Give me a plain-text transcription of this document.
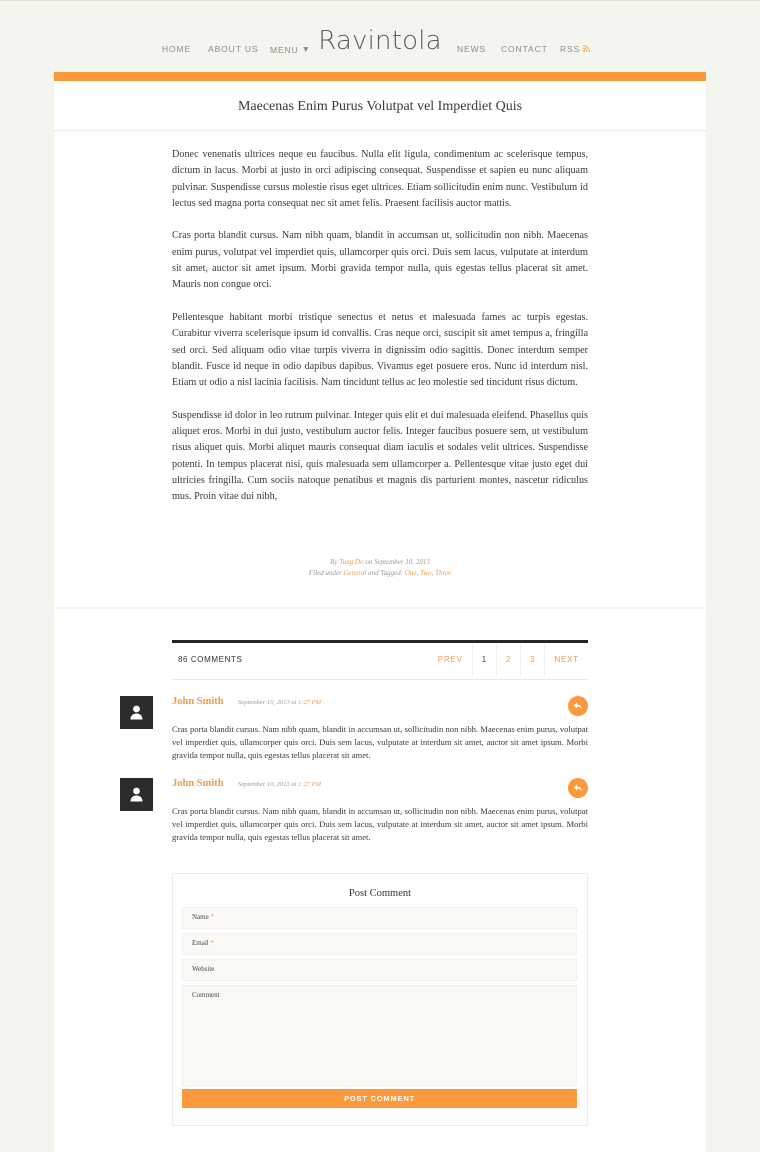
HOME ABOUT US MENU ▼	NEWS CONTACT RSS
Ravintola
Maecenas Enim Purus Volutpat vel Imperdiet Quis

Donec venenatis ultrices neque eu faucibus. Nulla elit ligula, condimentum ac scelerisque tempus, dictum in lacus. Morbi at justo in orci adipiscing consequat. Suspendisse et sapien eu nunc aliquam pulvinar. Suspendisse cursus molestie risus eget ultrices. Etiam sollicitudin enim nunc. Vestibulum id lectus sed magna porta consequat nec sit amet felis. Praesent facilisis auctor mattis.

Cras porta blandit cursus. Nam nibh quam, blandit in accumsan ut, sollicitudin non nibh. Maecenas enim purus, volutpat vel imperdiet quis, ullamcorper quis orci. Duis sem lacus, vulputate at interdum sit amet, auctor sit amet ipsum. Morbi gravida tempor nulla, quis egestas tellus placerat sit amet. Mauris non congue orci.

Pellentesque habitant morbi tristique senectus et netus et malesuada fames ac turpis egestas. Curabitur viverra scelerisque ipsum id convallis. Cras neque orci, suscipit sit amet tempus a, fringilla sed orci. Sed aliquam odio vitae turpis viverra in dignissim odio sagittis. Donec interdum semper blandit. Fusce id neque in odio dapibus dapibus. Vivamus eget posuere eros. Nunc id interdum nisl. Etiam ut odio a nisl lacinia facilisis. Nam tincidunt tellus ac leo molestie sed tincidunt risus dictum.

Suspendisse id dolor in leo rutrum pulvinar. Integer quis elit et dui malesuada eleifend. Phasellus quis aliquet eros. Morbi in dui justo, vestibulum auctor felis. Integer faucibus posuere sem, ut vestibulum risus aliquet quis. Morbi aliquet mauris consequat diam iaculis et sodales velit ultrices. Suspendisse potenti. In tempus placerat nisi, quis malesuada sem ullamcorper a. Pellentesque vitae justo eget dui ultricies fringilla. Cum sociis natoque penatibus et magnis dis parturient montes, nascetur ridiculus mus. Proin vitae dui nibh,

By Tung Do on September 10, 2013
Filed under General and Tagged: One, Two, Three
86 COMMENTS	PREV	1	2	3	NEXT
John Smith September 10, 2013 at 1:27 PM
Cras porta blandit cursus. Nam nibh quam, blandit in accumsan ut, sollicitudin non nibh. Maecenas enim purus, volutpat vel imperdiet quis, ullamcorper quis orci. Duis sem lacus, vulputate at interdum sit amet, auctor sit amet ipsum. Morbi gravida tempor nulla, quis egestas tellus placerat sit amet.
John Smith September 10, 2013 at 1:27 PM
Cras porta blandit cursus. Nam nibh quam, blandit in accumsan ut, sollicitudin non nibh. Maecenas enim purus, volutpat vel imperdiet quis, ullamcorper quis orci. Duis sem lacus, vulputate at interdum sit amet, auctor sit amet ipsum. Morbi gravida tempor nulla, quis egestas tellus placerat sit amet.
Post Comment
Name *
Email *
Website
Comment
POST COMMENT
